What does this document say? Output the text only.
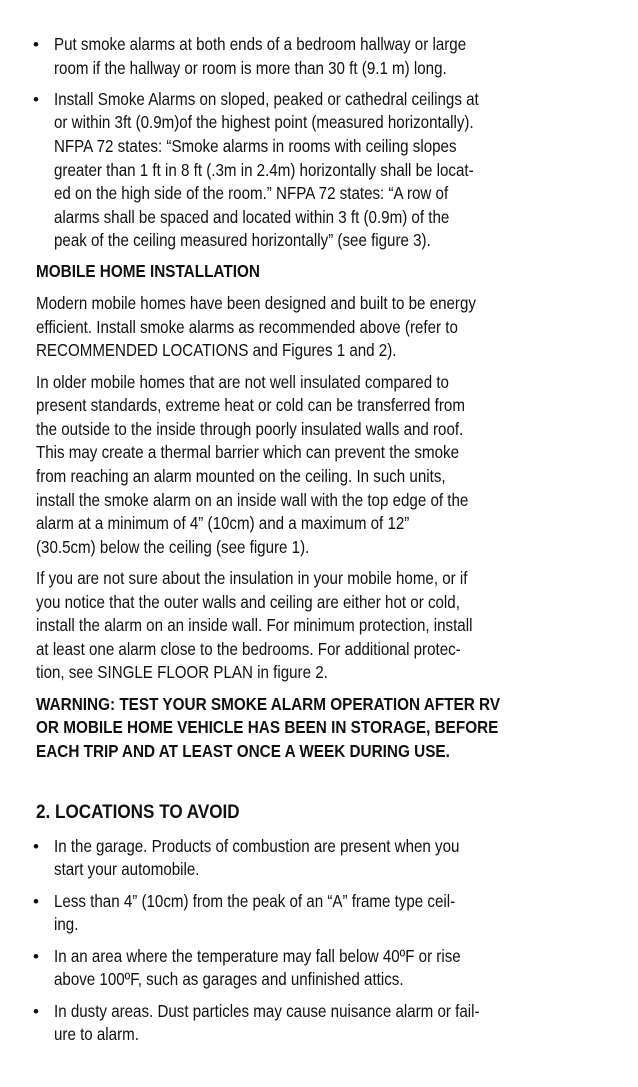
• Put smoke alarms at both ends of a bedroom hallway or large

room if the hallway or room is more than 30 ft (9.1 m) long.

• Install Smoke Alarms on sloped, peaked or cathedral ceilings at

or within 3ft (0.9m)of the highest point (measured horizontally).

NFPA 72 states: “Smoke alarms in rooms with ceiling slopes

greater than 1 ft in 8 ft (.3m in 2.4m) horizontally shall be locat-

ed on the high side of the room.” NFPA 72 states: “A row of

alarms shall be spaced and located within 3 ft (0.9m) of the

peak of the ceiling measured horizontally” (see figure 3).

MOBILE HOME INSTALLATION

Modern mobile homes have been designed and built to be energy

efficient. Install smoke alarms as recommended above (refer to

RECOMMENDED LOCATIONS and Figures 1 and 2).

In older mobile homes that are not well insulated compared to

present standards, extreme heat or cold can be transferred from

the outside to the inside through poorly insulated walls and roof.

This may create a thermal barrier which can prevent the smoke

from reaching an alarm mounted on the ceiling. In such units,

install the smoke alarm on an inside wall with the top edge of the

alarm at a minimum of 4” (10cm) and a maximum of 12”

(30.5cm) below the ceiling (see figure 1).

If you are not sure about the insulation in your mobile home, or if

you notice that the outer walls and ceiling are either hot or cold,

install the alarm on an inside wall. For minimum protection, install

at least one alarm close to the bedrooms. For additional protec-

tion, see SINGLE FLOOR PLAN in figure 2.

WARNING: TEST YOUR SMOKE ALARM OPERATION AFTER RV

OR MOBILE HOME VEHICLE HAS BEEN IN STORAGE, BEFORE

EACH TRIP AND AT LEAST ONCE A WEEK DURING USE.

2. LOCATIONS TO AVOID

• In the garage. Products of combustion are present when you

start your automobile.

• Less than 4” (10cm) from the peak of an “A” frame type ceil-

ing.

• In an area where the temperature may fall below 40ºF or rise

above 100ºF, such as garages and unfinished attics.

• In dusty areas. Dust particles may cause nuisance alarm or fail-

ure to alarm.
